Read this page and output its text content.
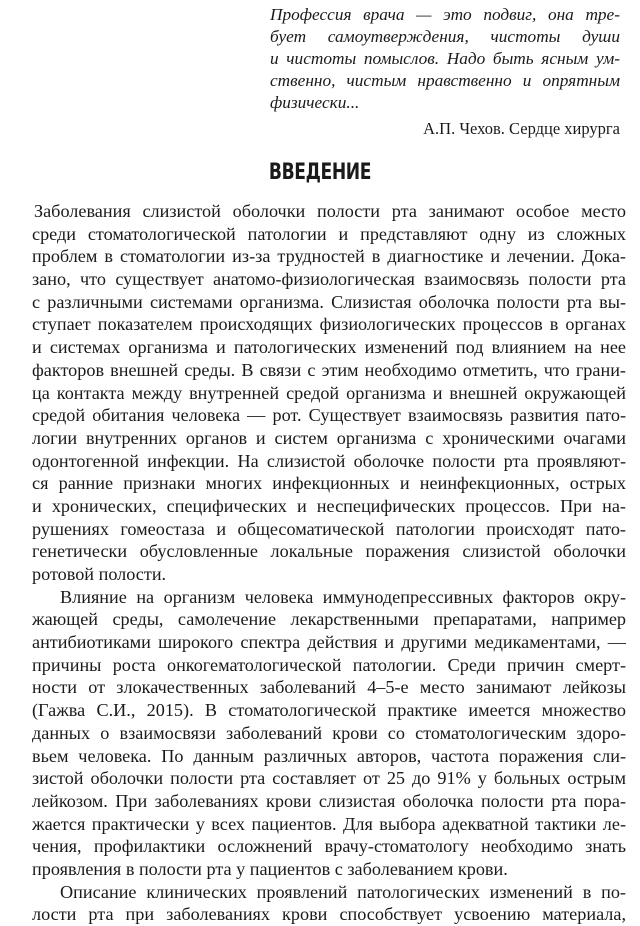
Профессия врача — это подвиг, она тре-
бует самоутверждения, чистоты души
и чистоты помыслов. Надо быть ясным ум-
ственно, чистым нравственно и опрятным
физически...
А.П. Чехов. Сердце хирурга
ВВЕДЕНИЕ
Заболевания слизистой оболочки полости рта занимают особое место
среди стоматологической патологии и представляют одну из сложных
проблем в стоматологии из-за трудностей в диагностике и лечении. Дока-
зано, что существует анатомо-физиологическая взаимосвязь полости рта
с различными системами организма. Слизистая оболочка полости рта вы-
ступает показателем происходящих физиологических процессов в органах
и системах организма и патологических изменений под влиянием на нее
факторов внешней среды. В связи с этим необходимо отметить, что грани-
ца контакта между внутренней средой организма и внешней окружающей
средой обитания человека — рот. Существует взаимосвязь развития пато-
логии внутренних органов и систем организма с хроническими очагами
одонтогенной инфекции. На слизистой оболочке полости рта проявляют-
ся ранние признаки многих инфекционных и неинфекционных, острых
и хронических, специфических и неспецифических процессов. При на-
рушениях гомеостаза и общесоматической патологии происходят пато-
генетически обусловленные локальные поражения слизистой оболочки
ротовой полости.
Влияние на организм человека иммунодепрессивных факторов окру-
жающей среды, самолечение лекарственными препаратами, например
антибиотиками широкого спектра действия и другими медикаментами, —
причины роста онкогематологической патологии. Среди причин смерт-
ности от злокачественных заболеваний 4–5-е место занимают лейкозы
(Гажва С.И., 2015). В стоматологической практике имеется множество
данных о взаимосвязи заболеваний крови со стоматологическим здоро-
вьем человека. По данным различных авторов, частота поражения сли-
зистой оболочки полости рта составляет от 25 до 91% у больных острым
лейкозом. При заболеваниях крови слизистая оболочка полости рта пора-
жается практически у всех пациентов. Для выбора адекватной тактики ле-
чения, профилактики осложнений врачу-стоматологу необходимо знать
проявления в полости рта у пациентов с заболеванием крови.
Описание клинических проявлений патологических изменений в по-
лости рта при заболеваниях крови способствует усвоению материала,
